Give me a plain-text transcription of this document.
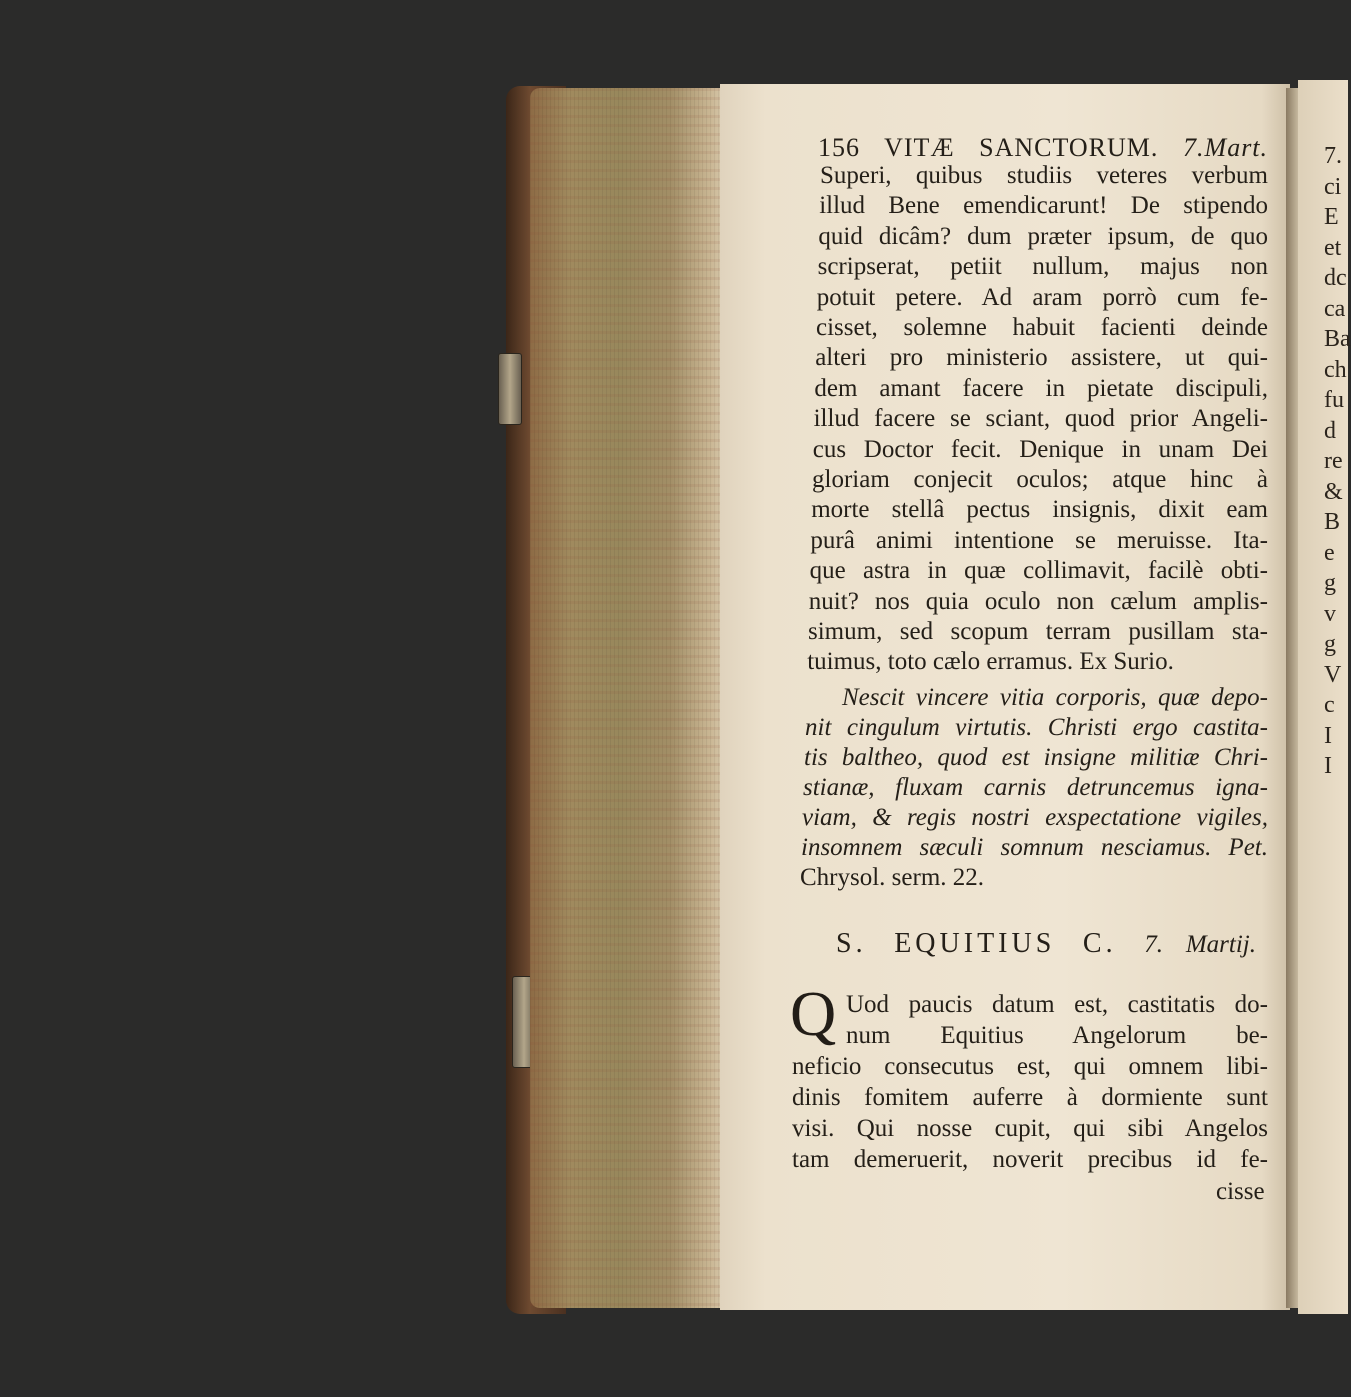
7.
ci
E
et
dc
ca
Ba
ch
fu
d
re
&
B
e
g
v
g
V
c
I
I
156 VITÆ SANCTORUM. 7.Mart.
Superi, quibus studiis veteres verbum
illud Bene emendicarunt! De stipendo
quid dicâm? dum præter ipsum, de quo
scripserat, petiit nullum, majus non
potuit petere. Ad aram porrò cum fe-
cisset, solemne habuit facienti deinde
alteri pro ministerio assistere, ut qui-
dem amant facere in pietate discipuli,
illud facere se sciant, quod prior Angeli-
cus Doctor fecit. Denique in unam Dei
gloriam conjecit oculos; atque hinc à
morte stellâ pectus insignis, dixit eam
purâ animi intentione se meruisse. Ita-
que astra in quæ collimavit, facilè obti-
nuit? nos quia oculo non cælum amplis-
simum, sed scopum terram pusillam sta-
tuimus, toto cælo erramus. Ex Surio.
Nescit vincere vitia corporis, quæ depo-
nit cingulum virtutis. Christi ergo castita-
tis baltheo, quod est insigne militiæ Chri-
stianæ, fluxam carnis detruncemus igna-
viam, & regis nostri exspectatione vigiles,
insomnem sæculi somnum nesciamus. Pet.
Chrysol. serm. 22.
S. EQUITIUS C. 7. Martij.
Q Uod paucis datum est, castitatis do-
num Equitius Angelorum be-
neficio consecutus est, qui omnem libi-
dinis fomitem auferre à dormiente sunt
visi. Qui nosse cupit, qui sibi Angelos
tam demeruerit, noverit precibus id fe-
cisse
